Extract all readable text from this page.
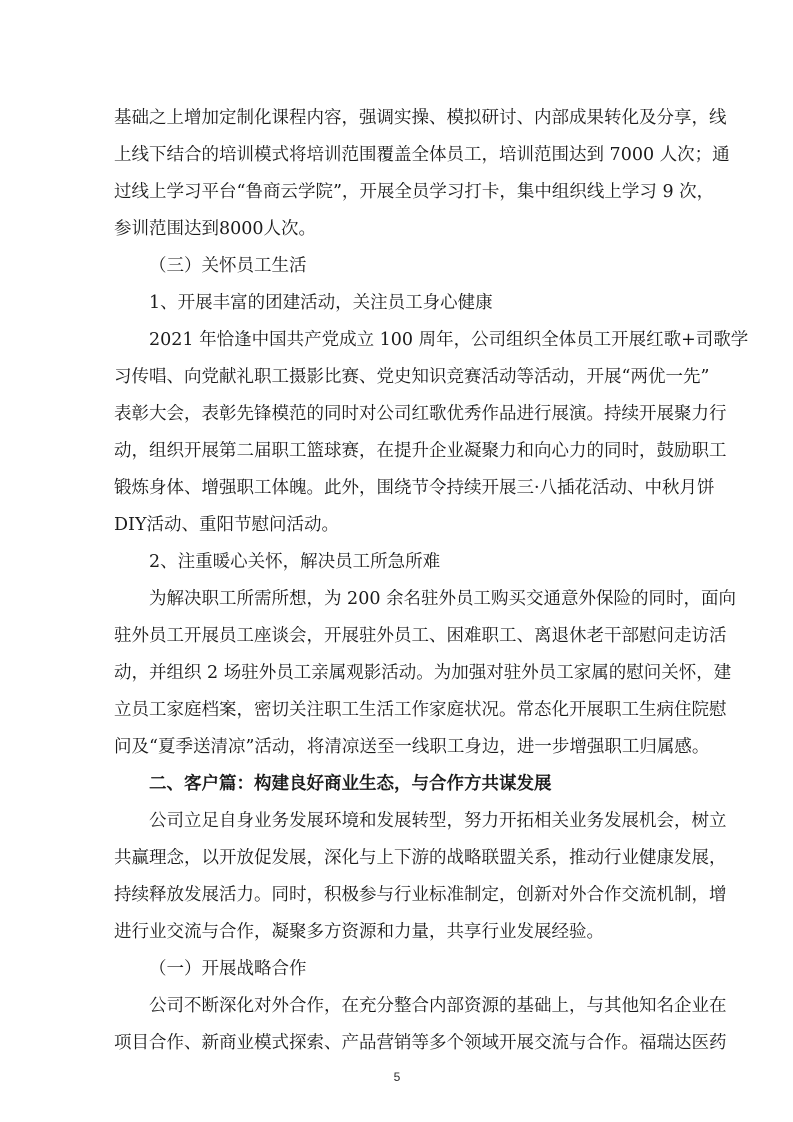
基础之上增加定制化课程内容，强调实操、模拟研讨、内部成果转化及分享，线
上线下结合的培训模式将培训范围覆盖全体员工，培训范围达到 7000 人次；通
过线上学习平台“鲁商云学院”，开展全员学习打卡，集中组织线上学习 9 次，
参训范围达到8000人次。
（三）关怀员工生活
1、开展丰富的团建活动，关注员工身心健康
2021 年恰逢中国共产党成立 100 周年，公司组织全体员工开展红歌+司歌学
习传唱、向党献礼职工摄影比赛、党史知识竞赛活动等活动，开展“两优一先”
表彰大会，表彰先锋模范的同时对公司红歌优秀作品进行展演。持续开展聚力行
动，组织开展第二届职工篮球赛，在提升企业凝聚力和向心力的同时，鼓励职工
锻炼身体、增强职工体魄。此外，围绕节令持续开展三·八插花活动、中秋月饼
DIY活动、重阳节慰问活动。
2、注重暖心关怀，解决员工所急所难
为解决职工所需所想，为 200 余名驻外员工购买交通意外保险的同时，面向
驻外员工开展员工座谈会，开展驻外员工、困难职工、离退休老干部慰问走访活
动，并组织 2 场驻外员工亲属观影活动。为加强对驻外员工家属的慰问关怀，建
立员工家庭档案，密切关注职工生活工作家庭状况。常态化开展职工生病住院慰
问及“夏季送清凉”活动，将清凉送至一线职工身边，进一步增强职工归属感。
二、客户篇：构建良好商业生态，与合作方共谋发展
公司立足自身业务发展环境和发展转型，努力开拓相关业务发展机会，树立
共赢理念，以开放促发展，深化与上下游的战略联盟关系，推动行业健康发展，
持续释放发展活力。同时，积极参与行业标准制定，创新对外合作交流机制，增
进行业交流与合作，凝聚多方资源和力量，共享行业发展经验。
（一）开展战略合作
公司不断深化对外合作，在充分整合内部资源的基础上，与其他知名企业在
项目合作、新商业模式探索、产品营销等多个领域开展交流与合作。福瑞达医药
5
